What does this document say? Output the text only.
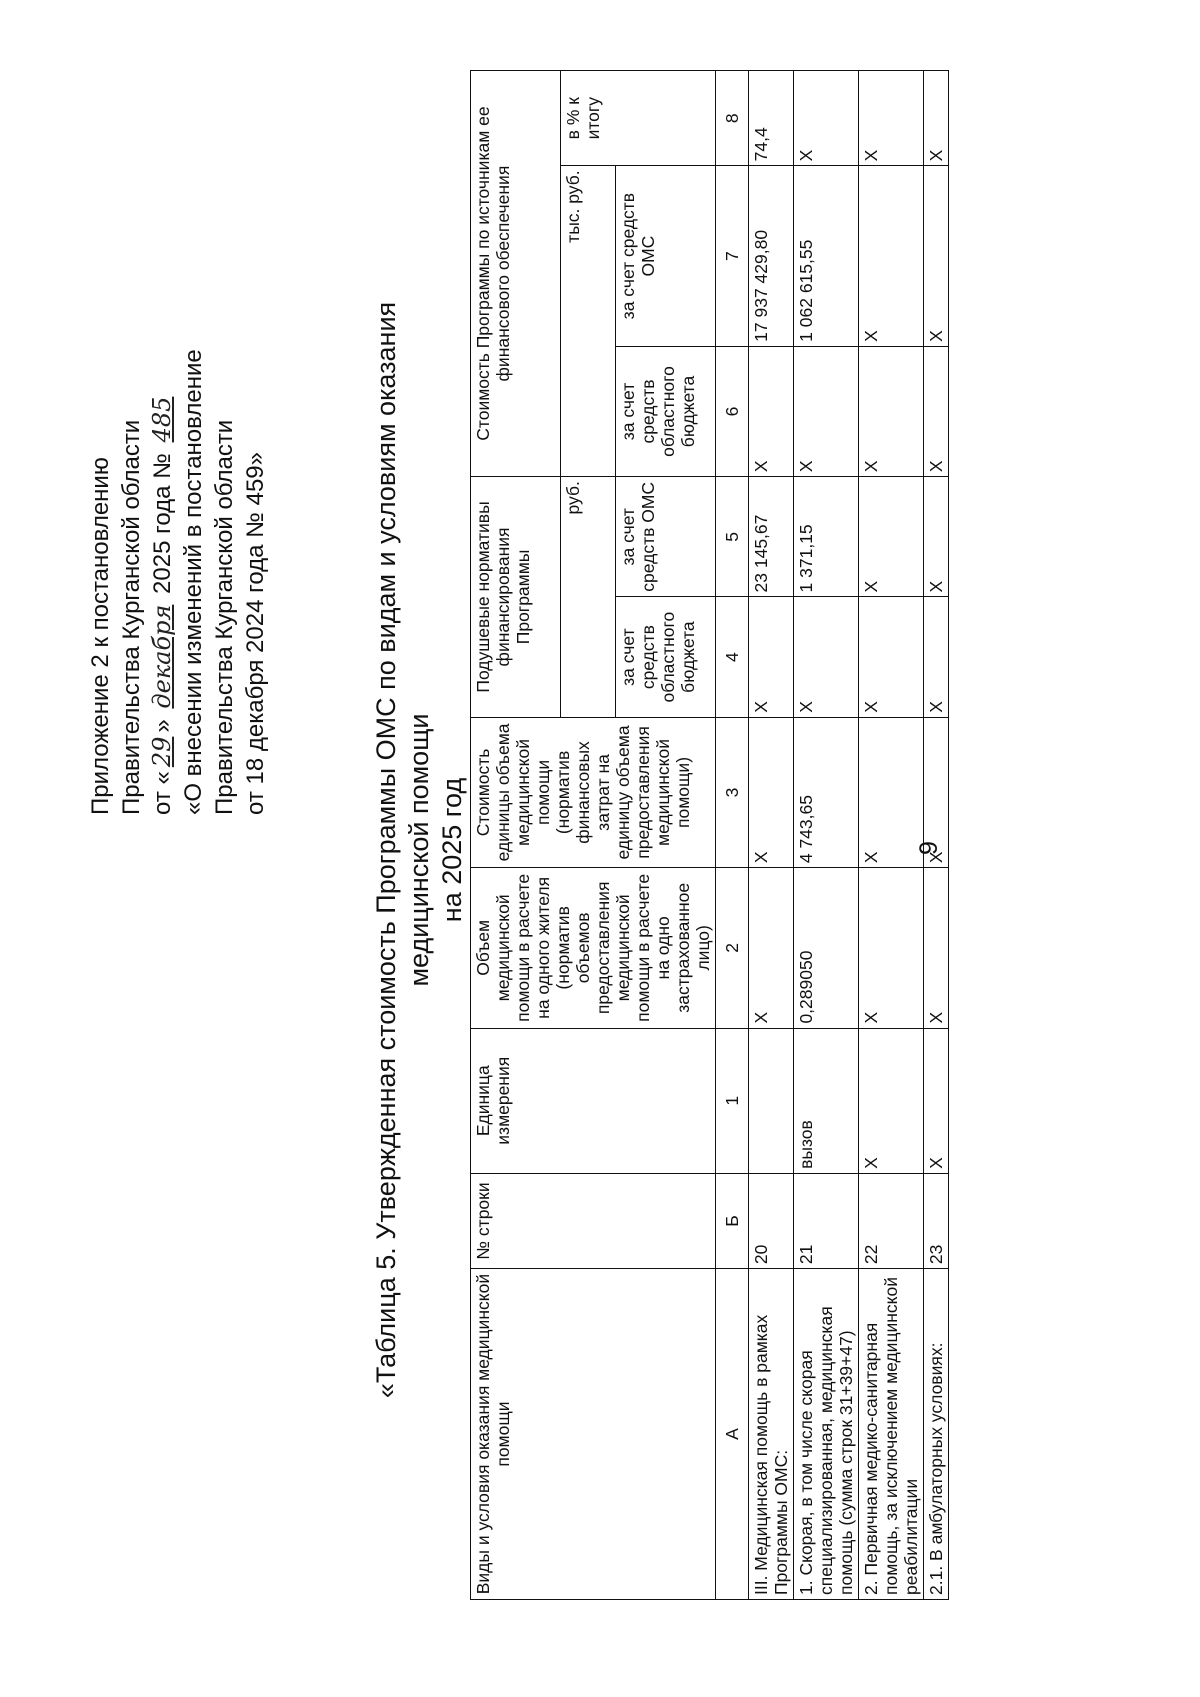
9
Приложение 2 к постановлению Правительства Курганской области от «29» декабря 2025 года № 485 «О внесении изменений в постановление Правительства Курганской области от 18 декабря 2024 года № 459»	«Таблица 5. Утвержденная стоимость Программы ОМС по видам и условиям оказания медицинской помощи на 2025 год
Виды и условия оказания медицинской помощи	№ строки	Единица измерения	Объем медицинской помощи в расчете на одного жителя (норматив объемов предоставления медицинской помощи в расчете на одно застрахованное лицо)	Стоимость единицы объема медицинской помощи (норматив финансовых затрат на единицу объема предоставления медицинской помощи)	Подушевые нормативы финансирования Программы		Стоимость Программы по источникам ее финансового обеспечения		
					руб.		тыс. руб.		в % к итогу
					за счет средств областного бюджета	за счет средств ОМС	за счет средств областного бюджета	за счет средств ОМС	
А	Б	1	2	3	4	5	6	7	8
III. Медицинская помощь в рамках Программы ОМС:	20		Х	Х	Х	23 145,67	Х	17 937 429,80	74,4
1. Скорая, в том числе скорая специализированная, медицинская помощь (сумма строк 31+39+47)	21	вызов	0,289050	4 743,65	Х	1 371,15	Х	1 062 615,55	Х
2. Первичная медико-санитарная помощь, за исключением медицинской реабилитации	22	Х	Х	Х	Х	Х	Х	Х	Х
2.1. В амбулаторных условиях:	23	Х	Х	Х	Х	Х	Х	Х	Х
